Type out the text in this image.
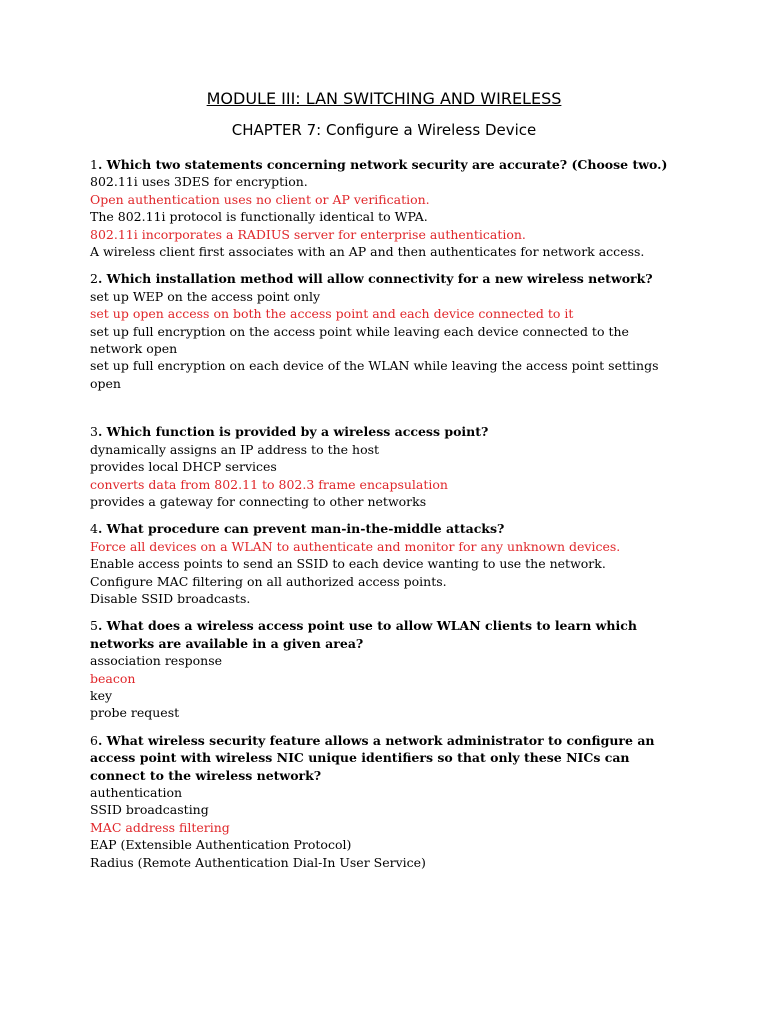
MODULE III: LAN SWITCHING AND WIRELESS
CHAPTER 7: Configure a Wireless Device

1. Which two statements concerning network security are accurate? (Choose two.)

802.11i uses 3DES for encryption.

Open authentication uses no client or AP verification.

The 802.11i protocol is functionally identical to WPA.

802.11i incorporates a RADIUS server for enterprise authentication.

A wireless client first associates with an AP and then authenticates for network access.

2. Which installation method will allow connectivity for a new wireless network?

set up WEP on the access point only

set up open access on both the access point and each device connected to it

set up full encryption on the access point while leaving each device connected to the network open

set up full encryption on each device of the WLAN while leaving the access point settings open

3. Which function is provided by a wireless access point?

dynamically assigns an IP address to the host

provides local DHCP services

converts data from 802.11 to 802.3 frame encapsulation

provides a gateway for connecting to other networks

4. What procedure can prevent man-in-the-middle attacks?

Force all devices on a WLAN to authenticate and monitor for any unknown devices.

Enable access points to send an SSID to each device wanting to use the network.

Configure MAC filtering on all authorized access points.

Disable SSID broadcasts.

5. What does a wireless access point use to allow WLAN clients to learn which networks are available in a given area?

association response

beacon

key

probe request

6. What wireless security feature allows a network administrator to configure an access point with wireless NIC unique identifiers so that only these NICs can connect to the wireless network?

authentication

SSID broadcasting

MAC address filtering

EAP (Extensible Authentication Protocol)

Radius (Remote Authentication Dial-In User Service)
